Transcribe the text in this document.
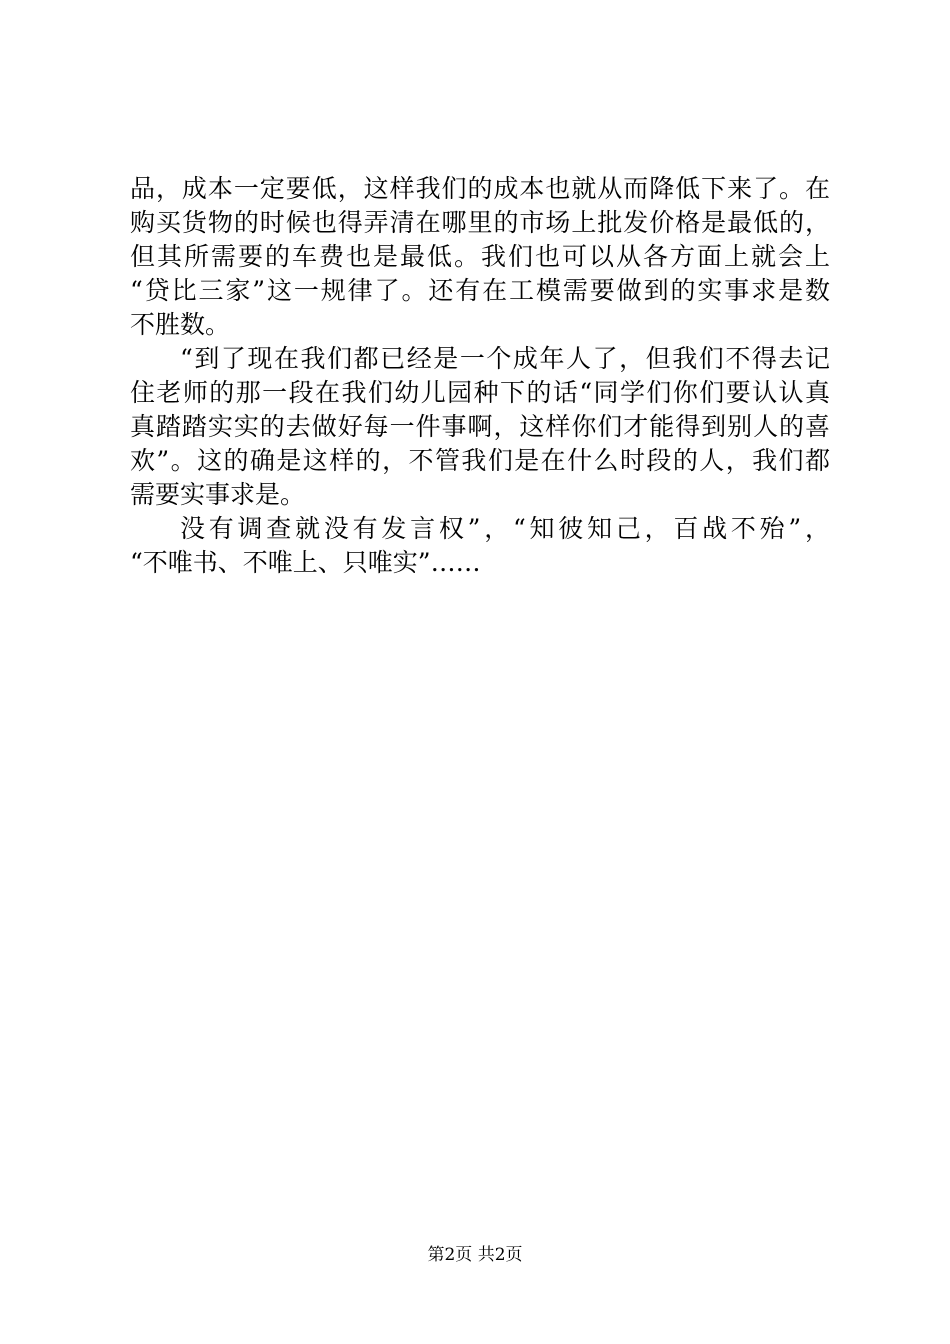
品，成本一定要低，这样我们的成本也就从而降低下来了。在
购买货物的时候也得弄清在哪里的市场上批发价格是最低的，
但其所需要的车费也是最低。我们也可以从各方面上就会上
“贷比三家”这一规律了。还有在工模需要做到的实事求是数
不胜数。
“到了现在我们都已经是一个成年人了，但我们不得去记
住老师的那一段在我们幼儿园种下的话“同学们你们要认认真
真踏踏实实的去做好每一件事啊，这样你们才能得到别人的喜
欢”。这的确是这样的，不管我们是在什么时段的人，我们都
需要实事求是。
没有调查就没有发言权”，“知彼知己，百战不殆”，
“不唯书、不唯上、只唯实”……
第2页 共2页
